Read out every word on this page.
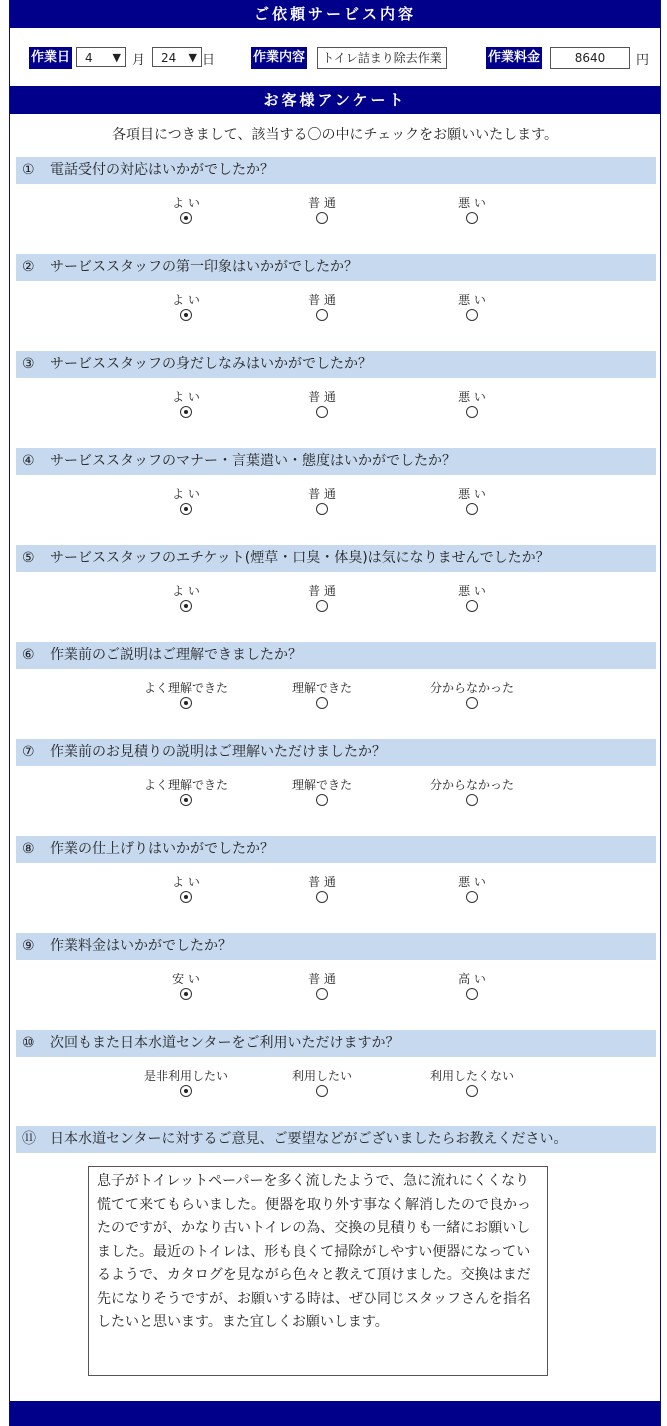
ご依頼サービス内容
作業日 4 ▼ 月 24 ▼ 日	作業内容	トイレ詰まり除去作業	作業料金	8640	円
お客様アンケート
各項目につきまして、該当する〇の中にチェックをお願いいたします。
① 電話受付の対応はいかがでしたか？
よ い	普 通	悪 い
② サービススタッフの第一印象はいかがでしたか？
よ い	普 通	悪 い
③ サービススタッフの身だしなみはいかがでしたか？
よ い	普 通	悪 い
④ サービススタッフのマナー・言葉遣い・態度はいかがでしたか？
よ い	普 通	悪 い
⑤ サービススタッフのエチケット(煙草・口臭・体臭)は気になりませんでしたか？
よ い	普 通	悪 い
⑥ 作業前のご説明はご理解できましたか？
よく理解できた	理解できた	分からなかった
⑦ 作業前のお見積りの説明はご理解いただけましたか？
よく理解できた	理解できた	分からなかった
⑧ 作業の仕上げりはいかがでしたか？
よ い	普 通	悪 い
⑨ 作業料金はいかがでしたか？
安 い	普 通	高 い
⑩ 次回もまた日本水道センターをご利用いただけますか？
是非利用したい	利用したい	利用したくない
⑪ 日本水道センターに対するご意見、ご要望などがございましたらお教えください。
息子がトイレットペーパーを多く流したようで、急に流れにくくなり慌てて来てもらいました。便器を取り外す事なく解消したので良かったのですが、かなり古いトイレの為、交換の見積りも一緒にお願いしました。最近のトイレは、形も良くて掃除がしやすい便器になっているようで、カタログを見ながら色々と教えて頂けました。交換はまだ先になりそうですが、お願いする時は、ぜひ同じスタッフさんを指名したいと思います。また宜しくお願いします。
